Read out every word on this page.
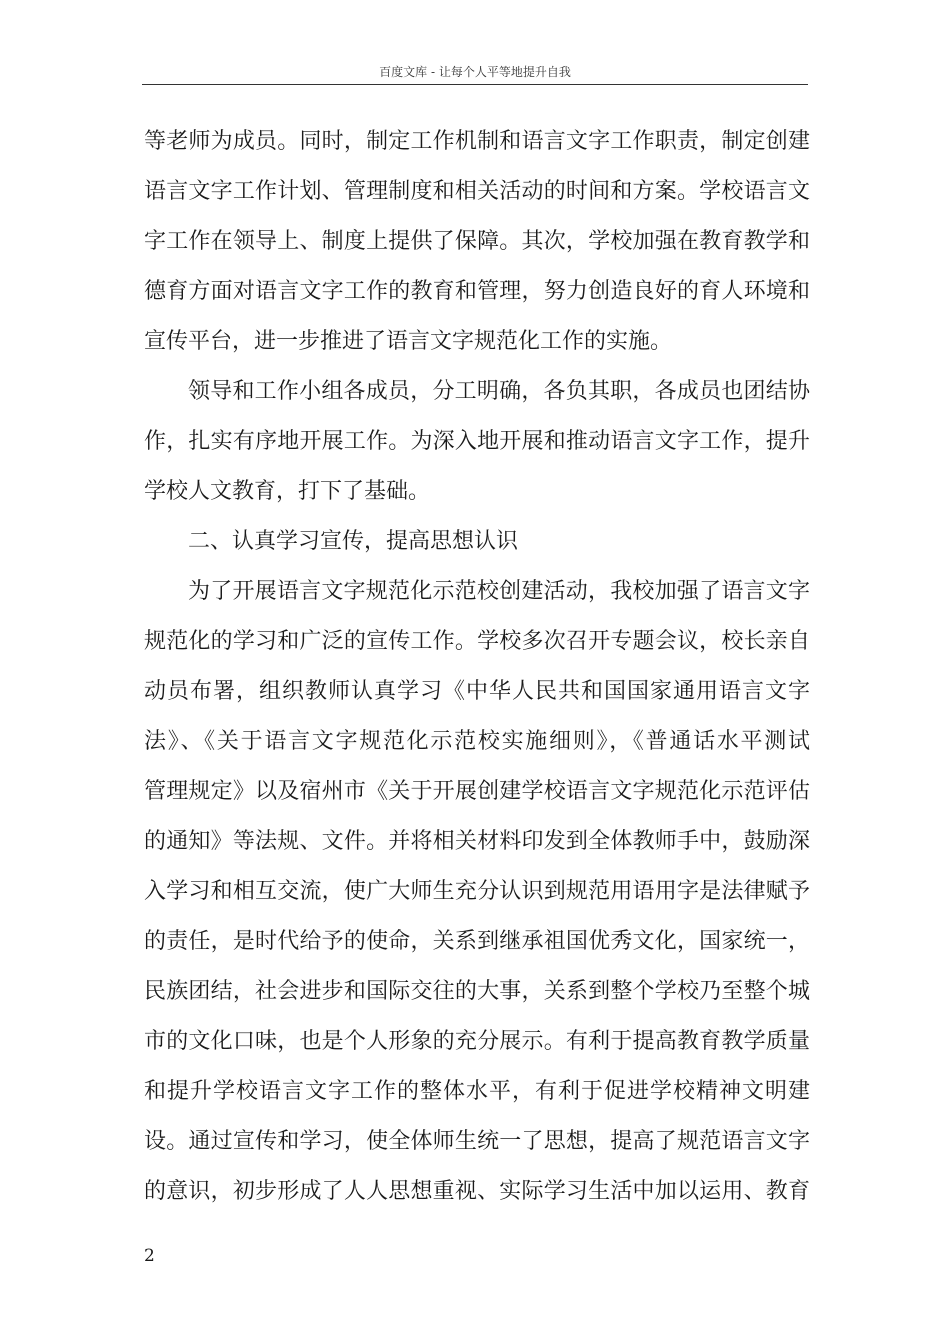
百度文库 - 让每个人平等地提升自我
等老师为成员。同时，制定工作机制和语言文字工作职责，制定创建
语言文字工作计划、管理制度和相关活动的时间和方案。学校语言文
字工作在领导上、制度上提供了保障。其次，学校加强在教育教学和
德育方面对语言文字工作的教育和管理，努力创造良好的育人环境和
宣传平台，进一步推进了语言文字规范化工作的实施。
领导和工作小组各成员，分工明确，各负其职，各成员也团结协
作，扎实有序地开展工作。为深入地开展和推动语言文字工作，提升
学校人文教育，打下了基础。
二、认真学习宣传，提高思想认识
为了开展语言文字规范化示范校创建活动，我校加强了语言文字
规范化的学习和广泛的宣传工作。学校多次召开专题会议，校长亲自
动员布署，组织教师认真学习《中华人民共和国国家通用语言文字
法》、《关于语言文字规范化示范校实施细则》，《普通话水平测试
管理规定》以及宿州市《关于开展创建学校语言文字规范化示范评估
的通知》等法规、文件。并将相关材料印发到全体教师手中，鼓励深
入学习和相互交流，使广大师生充分认识到规范用语用字是法律赋予
的责任，是时代给予的使命，关系到继承祖国优秀文化，国家统一，
民族团结，社会进步和国际交往的大事，关系到整个学校乃至整个城
市的文化口味，也是个人形象的充分展示。有利于提高教育教学质量
和提升学校语言文字工作的整体水平，有利于促进学校精神文明建
设。通过宣传和学习，使全体师生统一了思想，提高了规范语言文字
的意识，初步形成了人人思想重视、实际学习生活中加以运用、教育
2
